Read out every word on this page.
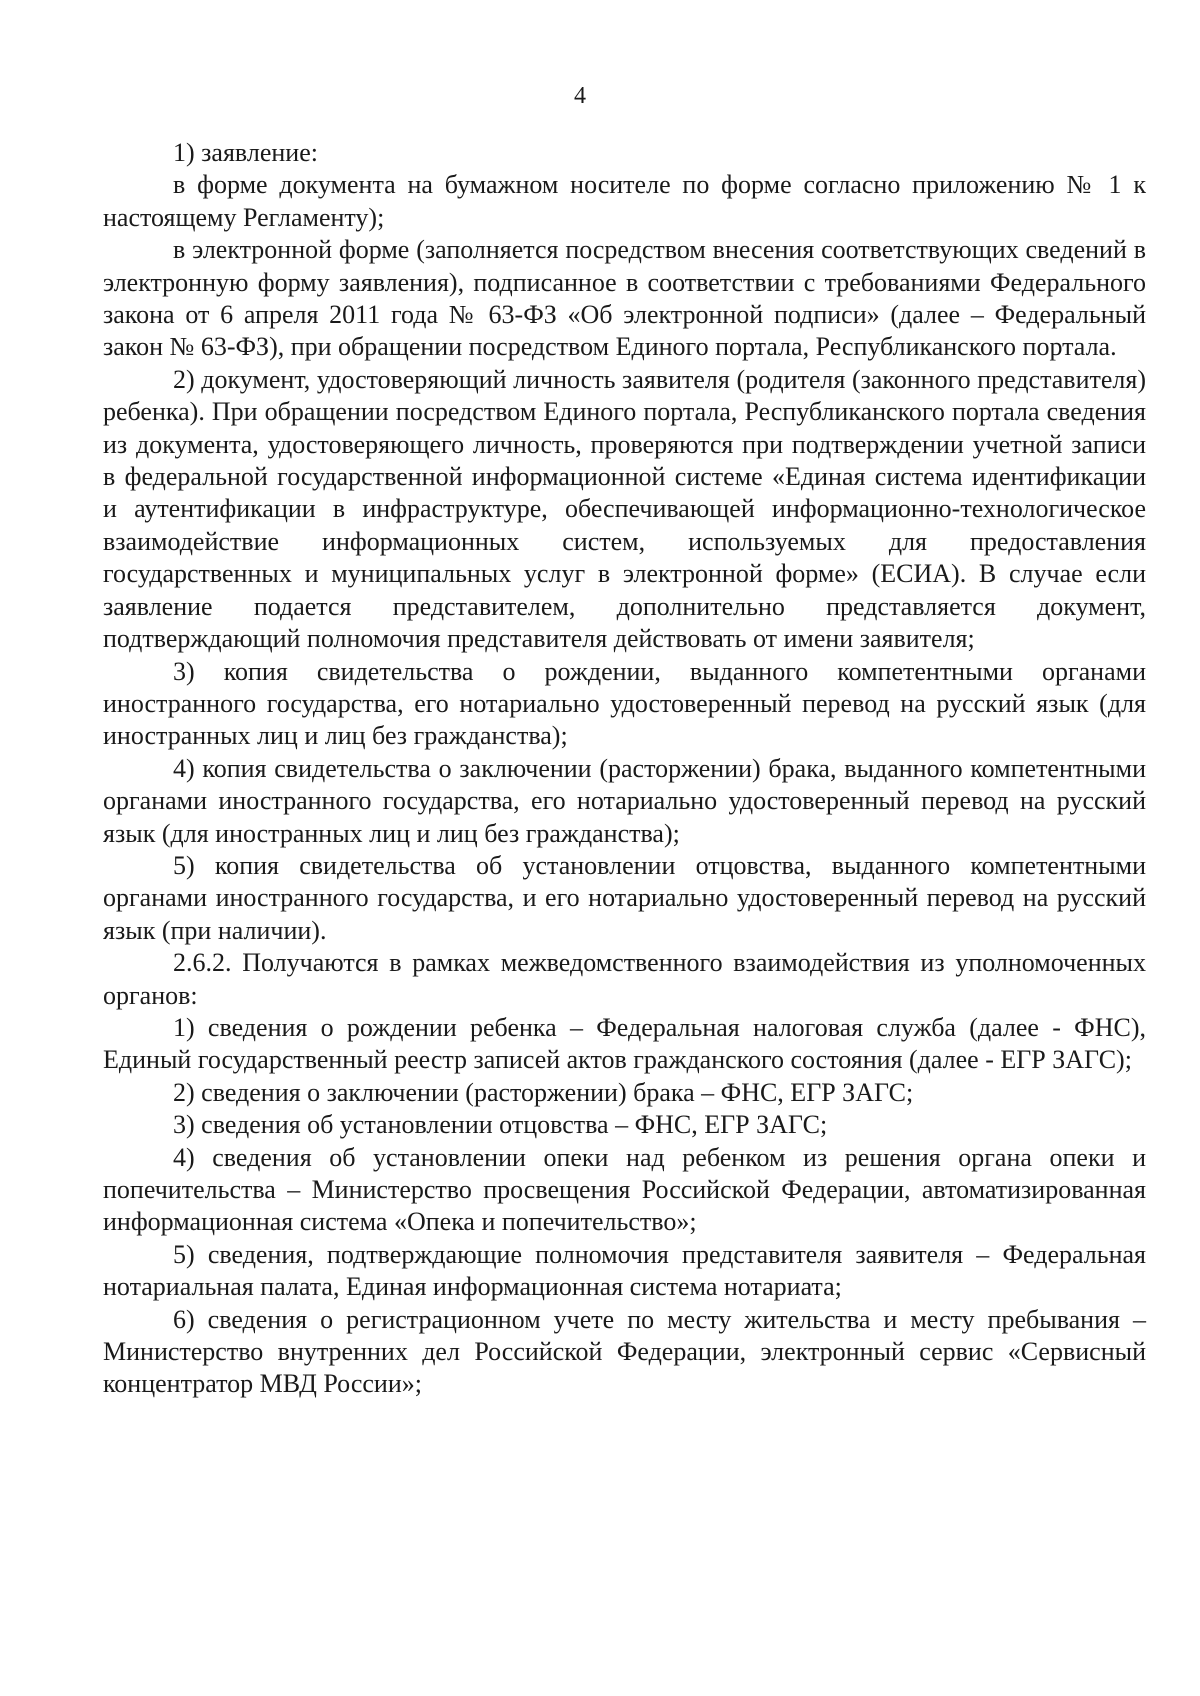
4

1) заявление:

в форме документа на бумажном носителе по форме согласно приложению № 1 к настоящему Регламенту);

в электронной форме (заполняется посредством внесения соответствующих сведений в электронную форму заявления), подписанное в соответствии с требованиями Федерального закона от 6 апреля 2011 года № 63-ФЗ «Об электронной подписи» (далее – Федеральный закон № 63-ФЗ), при обращении посредством Единого портала, Республиканского портала.

2) документ, удостоверяющий личность заявителя (родителя (законного представителя) ребенка). При обращении посредством Единого портала, Республиканского портала сведения из документа, удостоверяющего личность, проверяются при подтверждении учетной записи в федеральной государственной информационной системе «Единая система идентификации и аутентификации в инфраструктуре, обеспечивающей информационно-технологическое взаимодействие информационных систем, используемых для предоставления государственных и муниципальных услуг в электронной форме» (ЕСИА). В случае если заявление подается представителем, дополнительно представляется документ, подтверждающий полномочия представителя действовать от имени заявителя;

3) копия свидетельства о рождении, выданного компетентными органами иностранного государства, его нотариально удостоверенный перевод на русский язык (для иностранных лиц и лиц без гражданства);

4) копия свидетельства о заключении (расторжении) брака, выданного компетентными органами иностранного государства, его нотариально удостоверенный перевод на русский язык (для иностранных лиц и лиц без гражданства);

5) копия свидетельства об установлении отцовства, выданного компетентными органами иностранного государства, и его нотариально удостоверенный перевод на русский язык (при наличии).

2.6.2. Получаются в рамках межведомственного взаимодействия из уполномоченных органов:

1) сведения о рождении ребенка – Федеральная налоговая служба (далее - ФНС), Единый государственный реестр записей актов гражданского состояния (далее - ЕГР ЗАГС);

2) сведения о заключении (расторжении) брака – ФНС, ЕГР ЗАГС;

3) сведения об установлении отцовства – ФНС, ЕГР ЗАГС;

4) сведения об установлении опеки над ребенком из решения органа опеки и попечительства – Министерство просвещения Российской Федерации, автоматизированная информационная система «Опека и попечительство»;

5) сведения, подтверждающие полномочия представителя заявителя – Федеральная нотариальная палата, Единая информационная система нотариата;

6) сведения о регистрационном учете по месту жительства и месту пребывания – Министерство внутренних дел Российской Федерации, электронный сервис «Сервисный концентратор МВД России»;
